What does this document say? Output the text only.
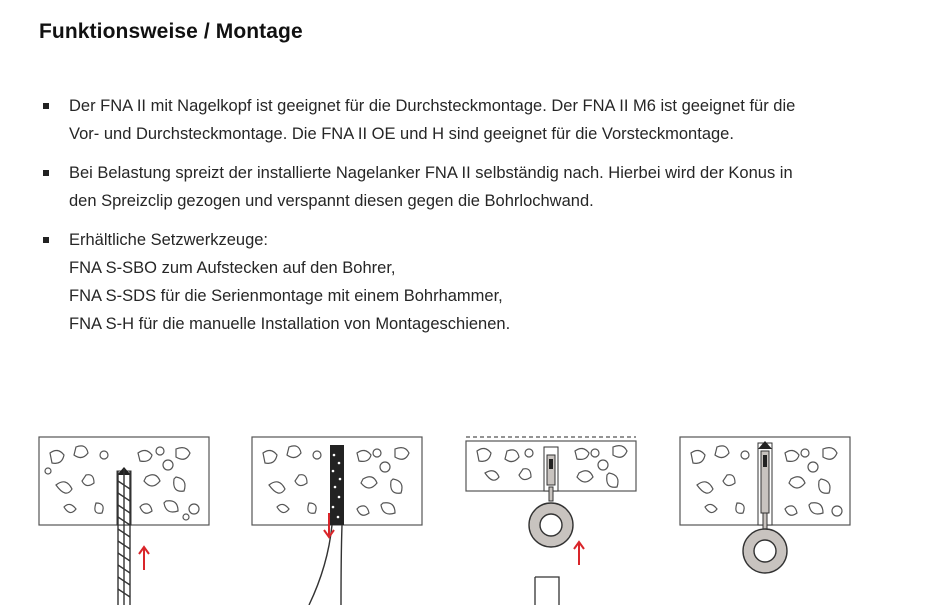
Funktionsweise / Montage
Der FNA II mit Nagelkopf ist geeignet für die Durchsteckmontage. Der FNA II M6 ist geeignet für die
Vor- und Durchsteckmontage. Die FNA II OE und H sind geeignet für die Vorsteckmontage.
Bei Belastung spreizt der installierte Nagelanker FNA II selbständig nach. Hierbei wird der Konus in
den Spreizclip gezogen und verspannt diesen gegen die Bohrlochwand.
Erhältliche Setzwerkzeuge:
FNA S-SBO zum Aufstecken auf den Bohrer,
FNA S-SDS für die Serienmontage mit einem Bohrhammer,
FNA S-H für die manuelle Installation von Montageschienen.
